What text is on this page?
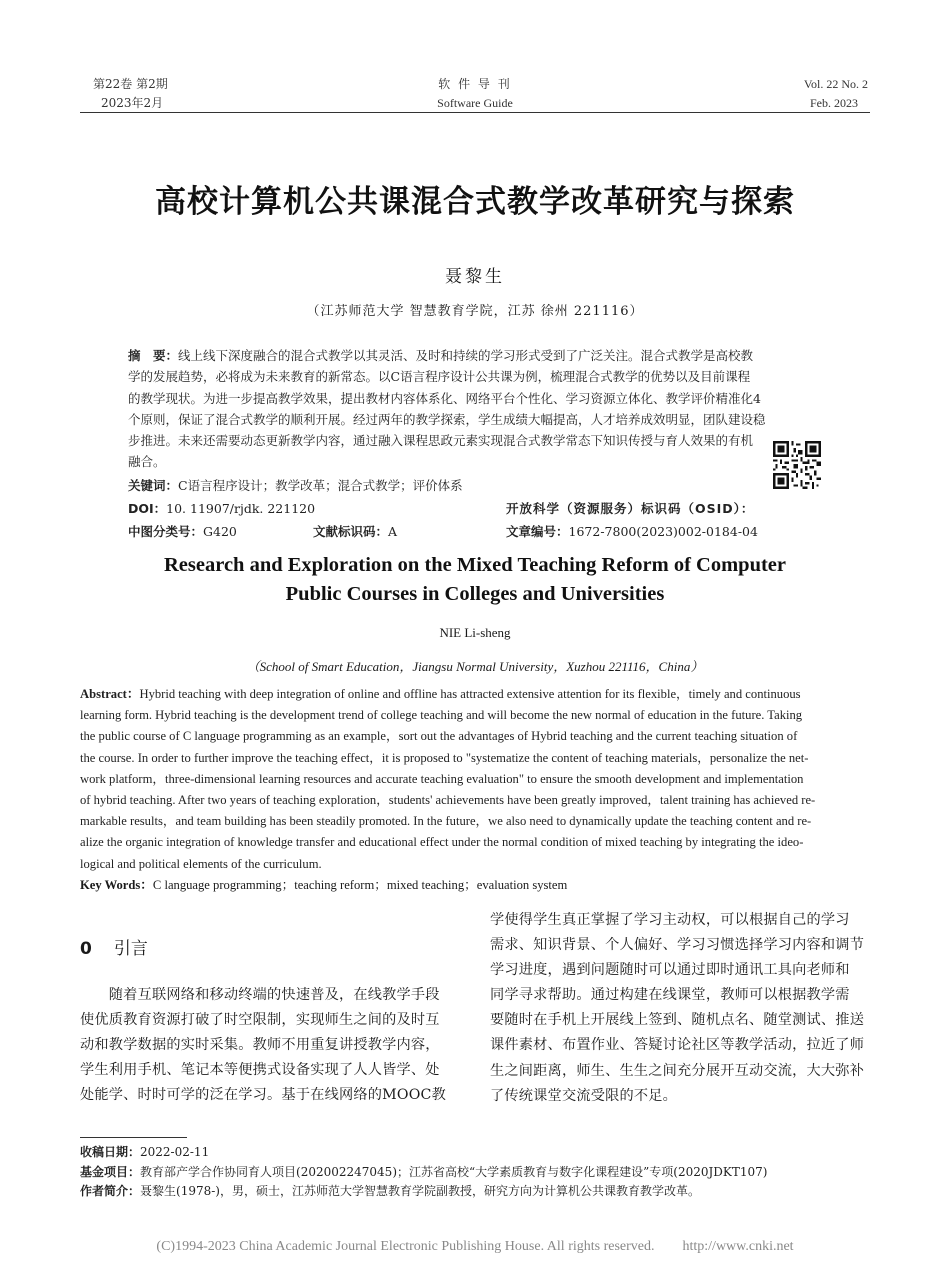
第22卷 第2期
2023年2月
软 件 导 刊
Software Guide
Vol. 22 No. 2
Feb. 2023
高校计算机公共课混合式教学改革研究与探索
聂黎生
（江苏师范大学 智慧教育学院，江苏 徐州 221116）
摘　要：线上线下深度融合的混合式教学以其灵活、及时和持续的学习形式受到了广泛关注。混合式教学是高校教
学的发展趋势，必将成为未来教育的新常态。以C语言程序设计公共课为例，梳理混合式教学的优势以及目前课程
的教学现状。为进一步提高教学效果，提出教材内容体系化、网络平台个性化、学习资源立体化、教学评价精准化4
个原则，保证了混合式教学的顺利开展。经过两年的教学探索，学生成绩大幅提高，人才培养成效明显，团队建设稳
步推进。未来还需要动态更新教学内容，通过融入课程思政元素实现混合式教学常态下知识传授与育人效果的有机
融合。
关键词：C语言程序设计；教学改革；混合式教学；评价体系
DOI：10. 11907/rjdk. 221120	开放科学（资源服务）标识码（OSID）：
中图分类号：G420	文献标识码：A	文章编号：1672-7800(2023)002-0184-04
Research and Exploration on the Mixed Teaching Reform of Computer
Public Courses in Colleges and Universities
NIE Li-sheng
（School of Smart Education，Jiangsu Normal University，Xuzhou 221116，China）
Abstract：Hybrid teaching with deep integration of online and offline has attracted extensive attention for its flexible，timely and continuous
learning form. Hybrid teaching is the development trend of college teaching and will become the new normal of education in the future. Taking
the public course of C language programming as an example，sort out the advantages of Hybrid teaching and the current teaching situation of
the course. In order to further improve the teaching effect，it is proposed to "systematize the content of teaching materials，personalize the net-
work platform，three-dimensional learning resources and accurate teaching evaluation" to ensure the smooth development and implementation
of hybrid teaching. After two years of teaching exploration，students' achievements have been greatly improved，talent training has achieved re-
markable results，and team building has been steadily promoted. In the future，we also need to dynamically update the teaching content and re-
alize the organic integration of knowledge transfer and educational effect under the normal condition of mixed teaching by integrating the ideo-
logical and political elements of the curriculum.
Key Words：C language programming；teaching reform；mixed teaching；evaluation system
0 引言
　　随着互联网络和移动终端的快速普及，在线教学手段
使优质教育资源打破了时空限制，实现师生之间的及时互
动和教学数据的实时采集。教师不用重复讲授教学内容，
学生利用手机、笔记本等便携式设备实现了人人皆学、处
处能学、时时可学的泛在学习。基于在线网络的MOOC教
学使得学生真正掌握了学习主动权，可以根据自己的学习
需求、知识背景、个人偏好、学习习惯选择学习内容和调节
学习进度，遇到问题随时可以通过即时通讯工具向老师和
同学寻求帮助。通过构建在线课堂，教师可以根据教学需
要随时在手机上开展线上签到、随机点名、随堂测试、推送
课件素材、布置作业、答疑讨论社区等教学活动，拉近了师
生之间距离，师生、生生之间充分展开互动交流，大大弥补
了传统课堂交流受限的不足。
收稿日期：2022-02-11
基金项目：教育部产学合作协同育人项目(202002247045)；江苏省高校“大学素质教育与数字化课程建设”专项(2020JDKT107)
作者简介：聂黎生(1978-)，男，硕士，江苏师范大学智慧教育学院副教授，研究方向为计算机公共课教育教学改革。
(C)1994-2023 China Academic Journal Electronic Publishing House. All rights reserved.　　http://www.cnki.net
